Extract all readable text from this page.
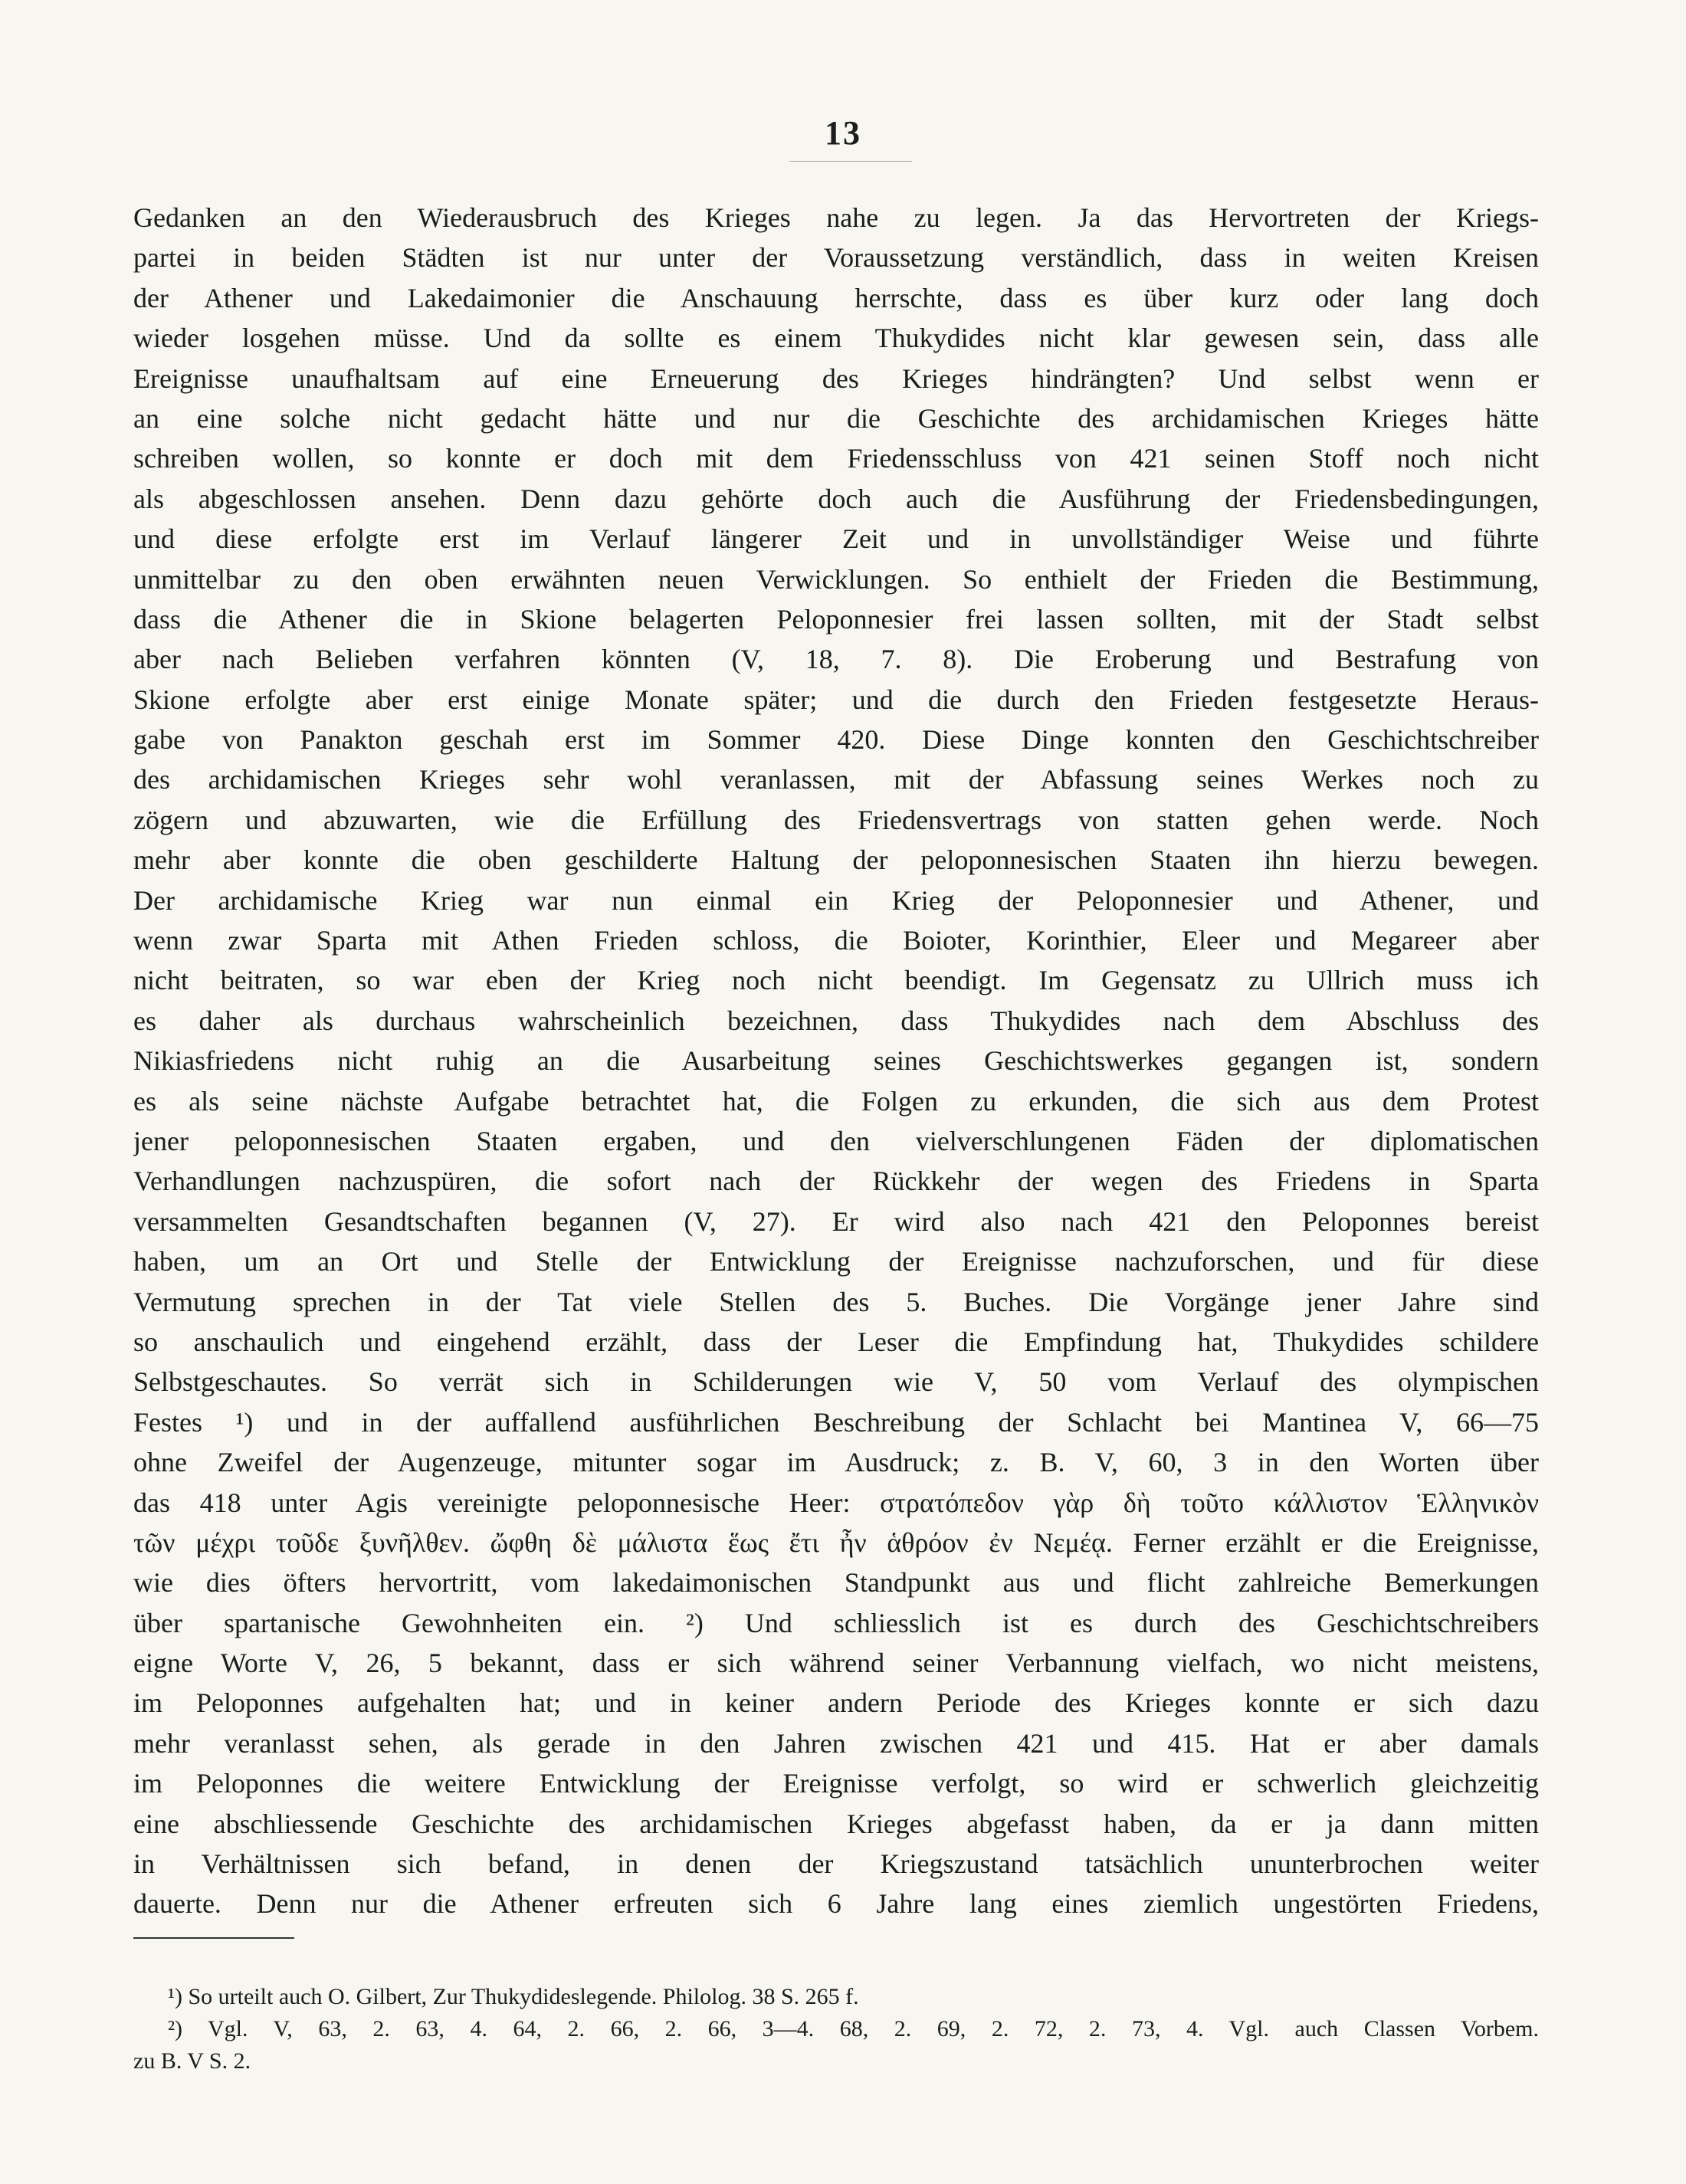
13
Gedanken an den Wiederausbruch des Krieges nahe zu legen. Ja das Hervortreten der Kriegs-
partei in beiden Städten ist nur unter der Voraussetzung verständlich, dass in weiten Kreisen
der Athener und Lakedaimonier die Anschauung herrschte, dass es über kurz oder lang doch
wieder losgehen müsse. Und da sollte es einem Thukydides nicht klar gewesen sein, dass alle
Ereignisse unaufhaltsam auf eine Erneuerung des Krieges hindrängten? Und selbst wenn er
an eine solche nicht gedacht hätte und nur die Geschichte des archidamischen Krieges hätte
schreiben wollen, so konnte er doch mit dem Friedensschluss von 421 seinen Stoff noch nicht
als abgeschlossen ansehen. Denn dazu gehörte doch auch die Ausführung der Friedensbedingungen,
und diese erfolgte erst im Verlauf längerer Zeit und in unvollständiger Weise und führte
unmittelbar zu den oben erwähnten neuen Verwicklungen. So enthielt der Frieden die Bestimmung,
dass die Athener die in Skione belagerten Peloponnesier frei lassen sollten, mit der Stadt selbst
aber nach Belieben verfahren könnten (V, 18, 7. 8). Die Eroberung und Bestrafung von
Skione erfolgte aber erst einige Monate später; und die durch den Frieden festgesetzte Heraus-
gabe von Panakton geschah erst im Sommer 420. Diese Dinge konnten den Geschichtschreiber
des archidamischen Krieges sehr wohl veranlassen, mit der Abfassung seines Werkes noch zu
zögern und abzuwarten, wie die Erfüllung des Friedensvertrags von statten gehen werde. Noch
mehr aber konnte die oben geschilderte Haltung der peloponnesischen Staaten ihn hierzu bewegen.
Der archidamische Krieg war nun einmal ein Krieg der Peloponnesier und Athener, und
wenn zwar Sparta mit Athen Frieden schloss, die Boioter, Korinthier, Eleer und Megareer aber
nicht beitraten, so war eben der Krieg noch nicht beendigt. Im Gegensatz zu Ullrich muss ich
es daher als durchaus wahrscheinlich bezeichnen, dass Thukydides nach dem Abschluss des
Nikiasfriedens nicht ruhig an die Ausarbeitung seines Geschichtswerkes gegangen ist, sondern
es als seine nächste Aufgabe betrachtet hat, die Folgen zu erkunden, die sich aus dem Protest
jener peloponnesischen Staaten ergaben, und den vielverschlungenen Fäden der diplomatischen
Verhandlungen nachzuspüren, die sofort nach der Rückkehr der wegen des Friedens in Sparta
versammelten Gesandtschaften begannen (V, 27). Er wird also nach 421 den Peloponnes bereist
haben, um an Ort und Stelle der Entwicklung der Ereignisse nachzuforschen, und für diese
Vermutung sprechen in der Tat viele Stellen des 5. Buches. Die Vorgänge jener Jahre sind
so anschaulich und eingehend erzählt, dass der Leser die Empfindung hat, Thukydides schildere
Selbstgeschautes. So verrät sich in Schilderungen wie V, 50 vom Verlauf des olympischen
Festes ¹) und in der auffallend ausführlichen Beschreibung der Schlacht bei Mantinea V, 66—75
ohne Zweifel der Augenzeuge, mitunter sogar im Ausdruck; z. B. V, 60, 3 in den Worten über
das 418 unter Agis vereinigte peloponnesische Heer: στρατόπεδον γὰρ δὴ τοῦτο κάλλιστον Ἑλληνικὸν
τῶν μέχρι τοῦδε ξυνῆλθεν. ὤφθη δὲ μάλιστα ἕως ἔτι ἦν ἁθρόον ἐν Νεμέᾳ. Ferner erzählt er die Ereignisse,
wie dies öfters hervortritt, vom lakedaimonischen Standpunkt aus und flicht zahlreiche Bemerkungen
über spartanische Gewohnheiten ein. ²) Und schliesslich ist es durch des Geschichtschreibers
eigne Worte V, 26, 5 bekannt, dass er sich während seiner Verbannung vielfach, wo nicht meistens,
im Peloponnes aufgehalten hat; und in keiner andern Periode des Krieges konnte er sich dazu
mehr veranlasst sehen, als gerade in den Jahren zwischen 421 und 415. Hat er aber damals
im Peloponnes die weitere Entwicklung der Ereignisse verfolgt, so wird er schwerlich gleichzeitig
eine abschliessende Geschichte des archidamischen Krieges abgefasst haben, da er ja dann mitten
in Verhältnissen sich befand, in denen der Kriegszustand tatsächlich ununterbrochen weiter
dauerte. Denn nur die Athener erfreuten sich 6 Jahre lang eines ziemlich ungestörten Friedens,
¹) So urteilt auch O. Gilbert, Zur Thukydideslegende. Philolog. 38 S. 265 f.
²) Vgl. V, 63, 2. 63, 4. 64, 2. 66, 2. 66, 3—4. 68, 2. 69, 2. 72, 2. 73, 4. Vgl. auch Classen Vorbem.
zu B. V S. 2.
